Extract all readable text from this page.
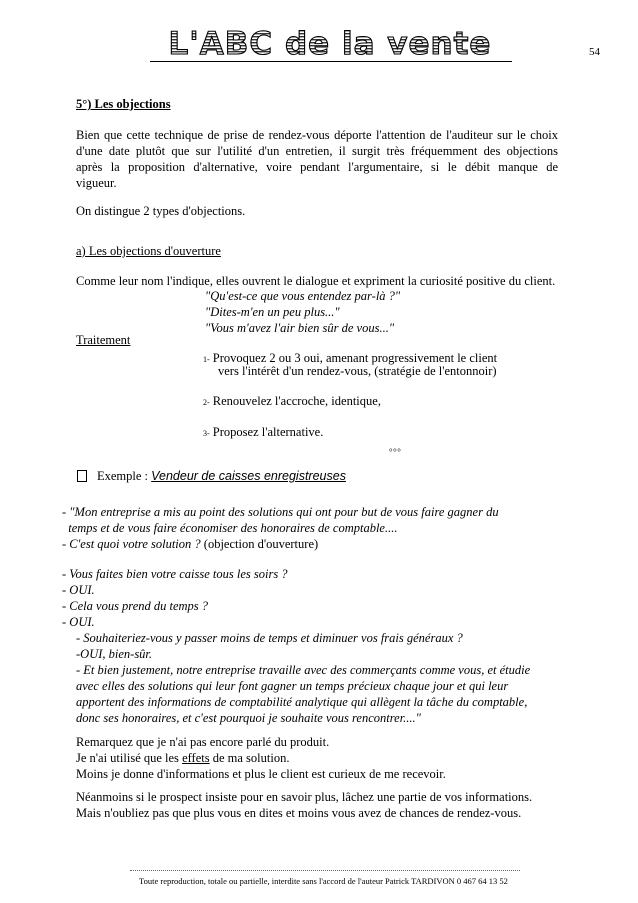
L'ABC de la vente	54
5°) Les objections
Bien que cette technique de prise de rendez-vous déporte l'attention de l'auditeur sur le choix
d'une date plutôt que sur l'utilité d'un entretien, il surgit très fréquemment des objections
après la proposition d'alternative, voire pendant l'argumentaire, si le débit manque de
vigueur.
On distingue 2 types d'objections.
a) Les objections d'ouverture
Comme leur nom l'indique, elles ouvrent le dialogue et expriment la curiosité positive du client.
"Qu'est-ce que vous entendez par-là ?"
"Dites-m'en un peu plus..."
"Vous m'avez l'air bien sûr de vous..."
Traitement
1- Provoquez 2 ou 3 oui, amenant progressivement le client
vers l'intérêt d'un rendez-vous, (stratégie de l'entonnoir)
2- Renouvelez l'accroche, identique,
3- Proposez l'alternative.
°°°
Exemple : Vendeur de caisses enregistreuses
- "Mon entreprise a mis au point des solutions qui ont pour but de vous faire gagner du
temps et de vous faire économiser des honoraires de comptable....
- C'est quoi votre solution ? (objection d'ouverture)
- Vous faites bien votre caisse tous les soirs ?
- OUI.
- Cela vous prend du temps ?
- OUI.
- Souhaiteriez-vous y passer moins de temps et diminuer vos frais généraux ?
-OUI, bien-sûr.
- Et bien justement, notre entreprise travaille avec des commerçants comme vous, et étudie
avec elles des solutions qui leur font gagner un temps précieux chaque jour et qui leur
apportent des informations de comptabilité analytique qui allègent la tâche du comptable,
donc ses honoraires, et c'est pourquoi je souhaite vous rencontrer...."
Remarquez que je n'ai pas encore parlé du produit.
Je n'ai utilisé que les effets de ma solution.
Moins je donne d'informations et plus le client est curieux de me recevoir.
Néanmoins si le prospect insiste pour en savoir plus, lâchez une partie de vos informations.
Mais n'oubliez pas que plus vous en dites et moins vous avez de chances de rendez-vous.
Toute reproduction, totale ou partielle, interdite sans l'accord de l'auteur Patrick TARDIVON 0 467 64 13 52
